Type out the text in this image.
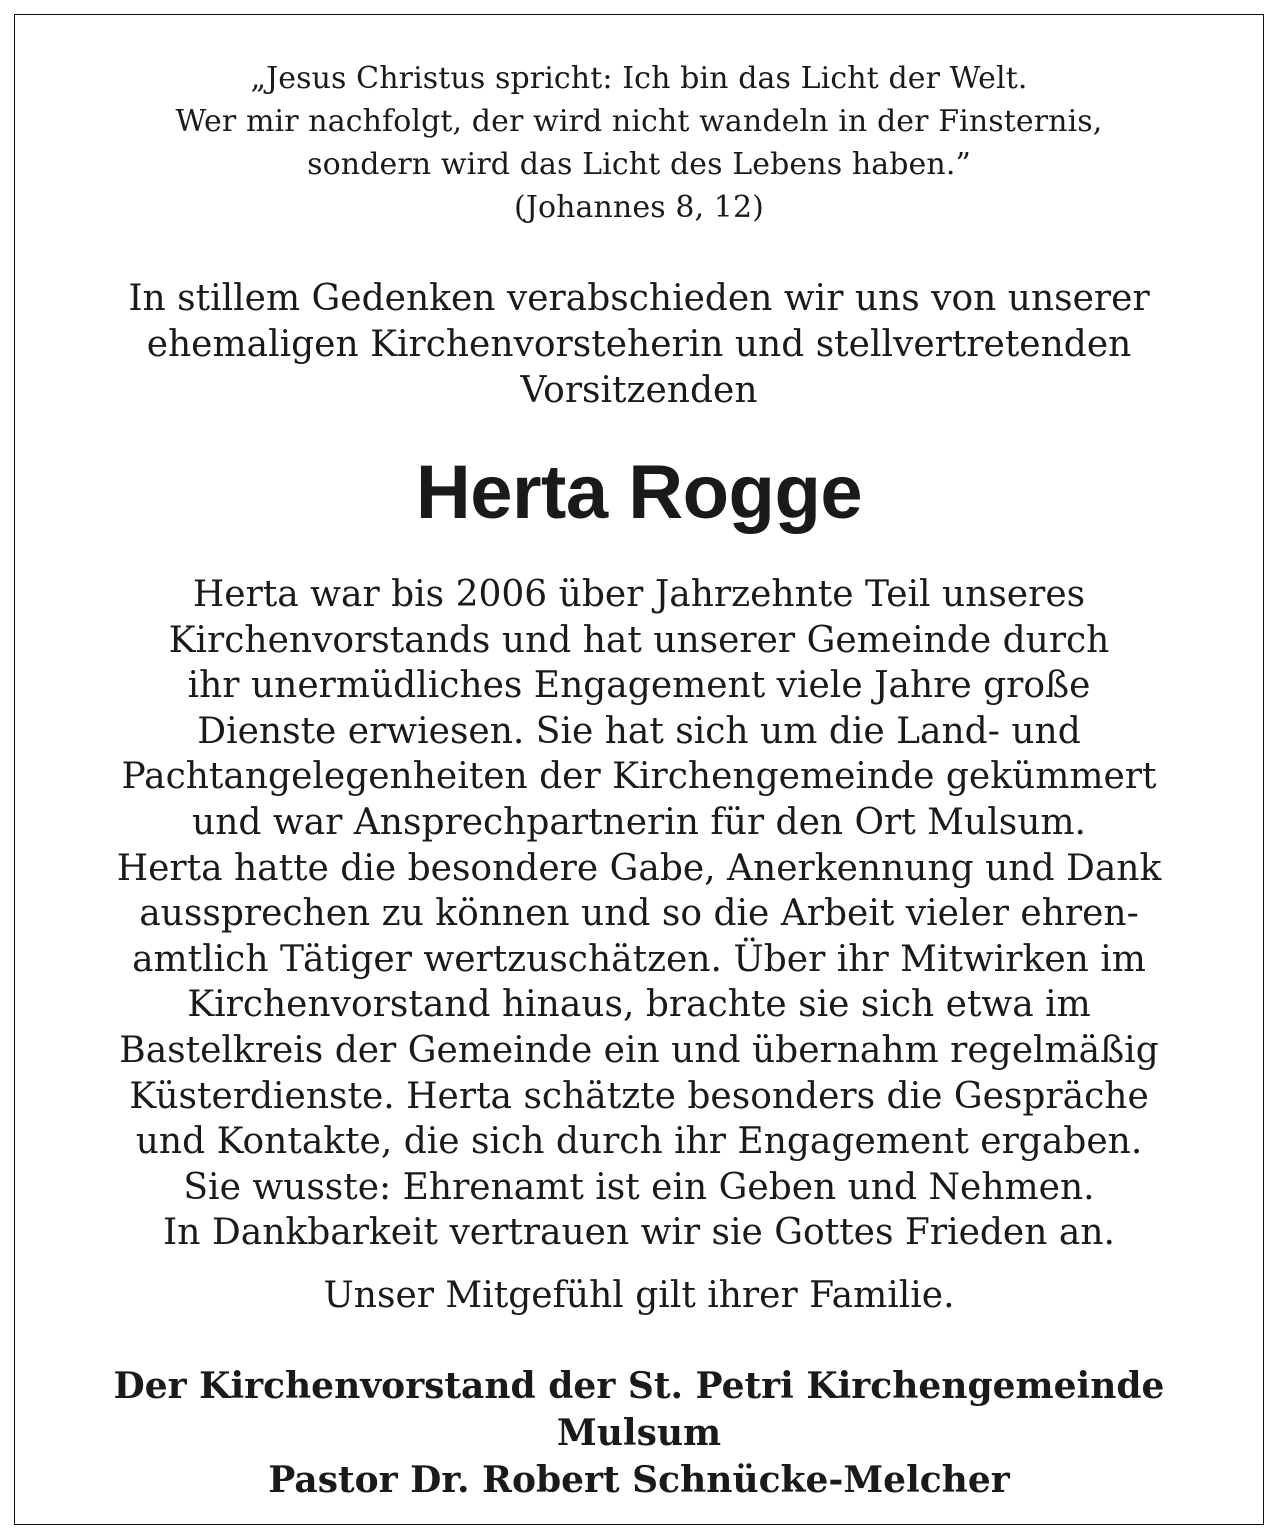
„Jesus Christus spricht: Ich bin das Licht der Welt.
Wer mir nachfolgt, der wird nicht wandeln in der Finsternis,
sondern wird das Licht des Lebens haben.”
(Johannes 8, 12)

In stillem Gedenken verabschieden wir uns von unserer
ehemaligen Kirchenvorsteherin und stellvertretenden
Vorsitzenden

Herta Rogge

Herta war bis 2006 über Jahrzehnte Teil unseres
Kirchenvorstands und hat unserer Gemeinde durch
ihr unermüdliches Engagement viele Jahre große
Dienste erwiesen. Sie hat sich um die Land- und
Pachtangelegenheiten der Kirchengemeinde gekümmert
und war Ansprechpartnerin für den Ort Mulsum.
Herta hatte die besondere Gabe, Anerkennung und Dank
aussprechen zu können und so die Arbeit vieler ehren-
amtlich Tätiger wertzuschätzen. Über ihr Mitwirken im
Kirchenvorstand hinaus, brachte sie sich etwa im
Bastelkreis der Gemeinde ein und übernahm regelmäßig
Küsterdienste. Herta schätzte besonders die Gespräche
und Kontakte, die sich durch ihr Engagement ergaben.
Sie wusste: Ehrenamt ist ein Geben und Nehmen.
In Dankbarkeit vertrauen wir sie Gottes Frieden an.

Unser Mitgefühl gilt ihrer Familie.

Der Kirchenvorstand der St. Petri Kirchengemeinde
Mulsum
Pastor Dr. Robert Schnücke-Melcher
